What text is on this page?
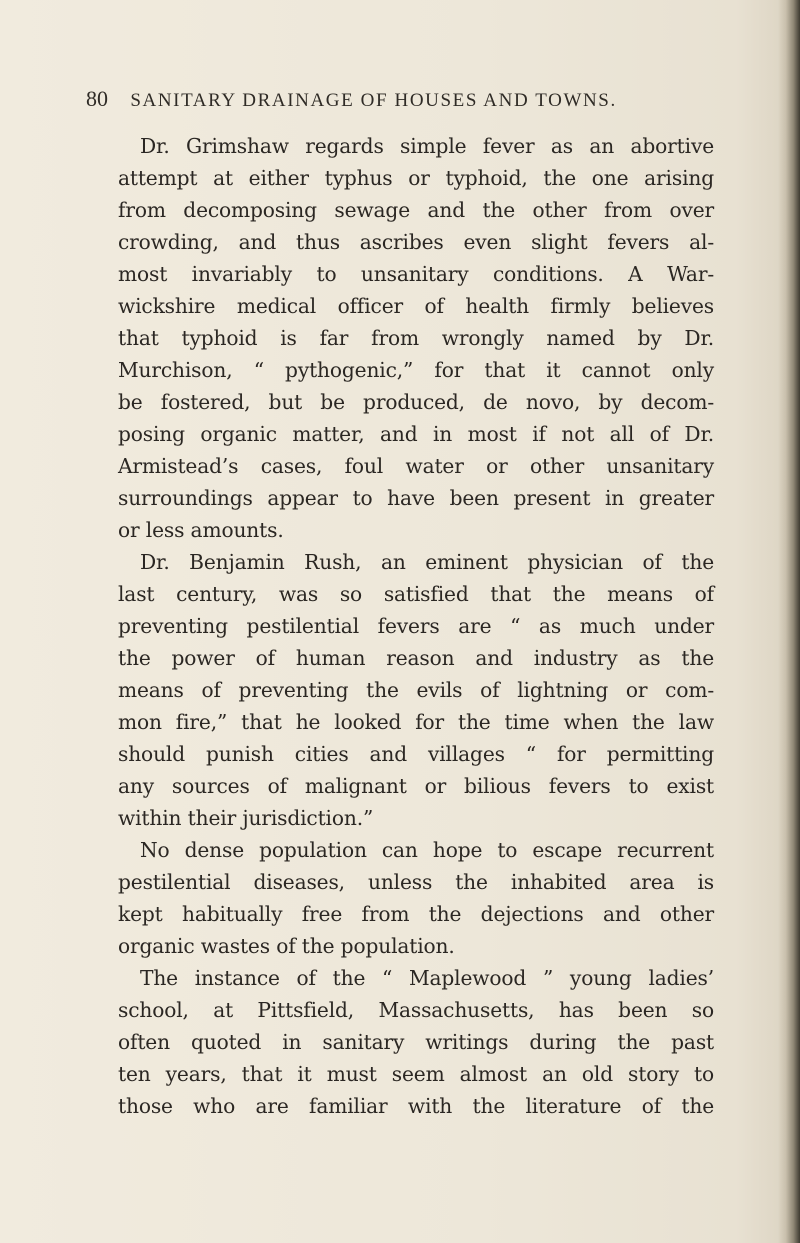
80 SANITARY DRAINAGE OF HOUSES AND TOWNS.
Dr. Grimshaw regards simple fever as an abortive
attempt at either typhus or typhoid, the one arising
from decomposing sewage and the other from over
crowding, and thus ascribes even slight fevers al-
most invariably to unsanitary conditions. A War-
wickshire medical officer of health firmly believes
that typhoid is far from wrongly named by Dr.
Murchison, “ pythogenic,” for that it cannot only
be fostered, but be produced, de novo, by decom-
posing organic matter, and in most if not all of Dr.
Armistead’s cases, foul water or other unsanitary
surroundings appear to have been present in greater
or less amounts.
Dr. Benjamin Rush, an eminent physician of the
last century, was so satisfied that the means of
preventing pestilential fevers are “ as much under
the power of human reason and industry as the
means of preventing the evils of lightning or com-
mon fire,” that he looked for the time when the law
should punish cities and villages “ for permitting
any sources of malignant or bilious fevers to exist
within their jurisdiction.”
No dense population can hope to escape recurrent
pestilential diseases, unless the inhabited area is
kept habitually free from the dejections and other
organic wastes of the population.
The instance of the “ Maplewood ” young ladies’
school, at Pittsfield, Massachusetts, has been so
often quoted in sanitary writings during the past
ten years, that it must seem almost an old story to
those who are familiar with the literature of the
